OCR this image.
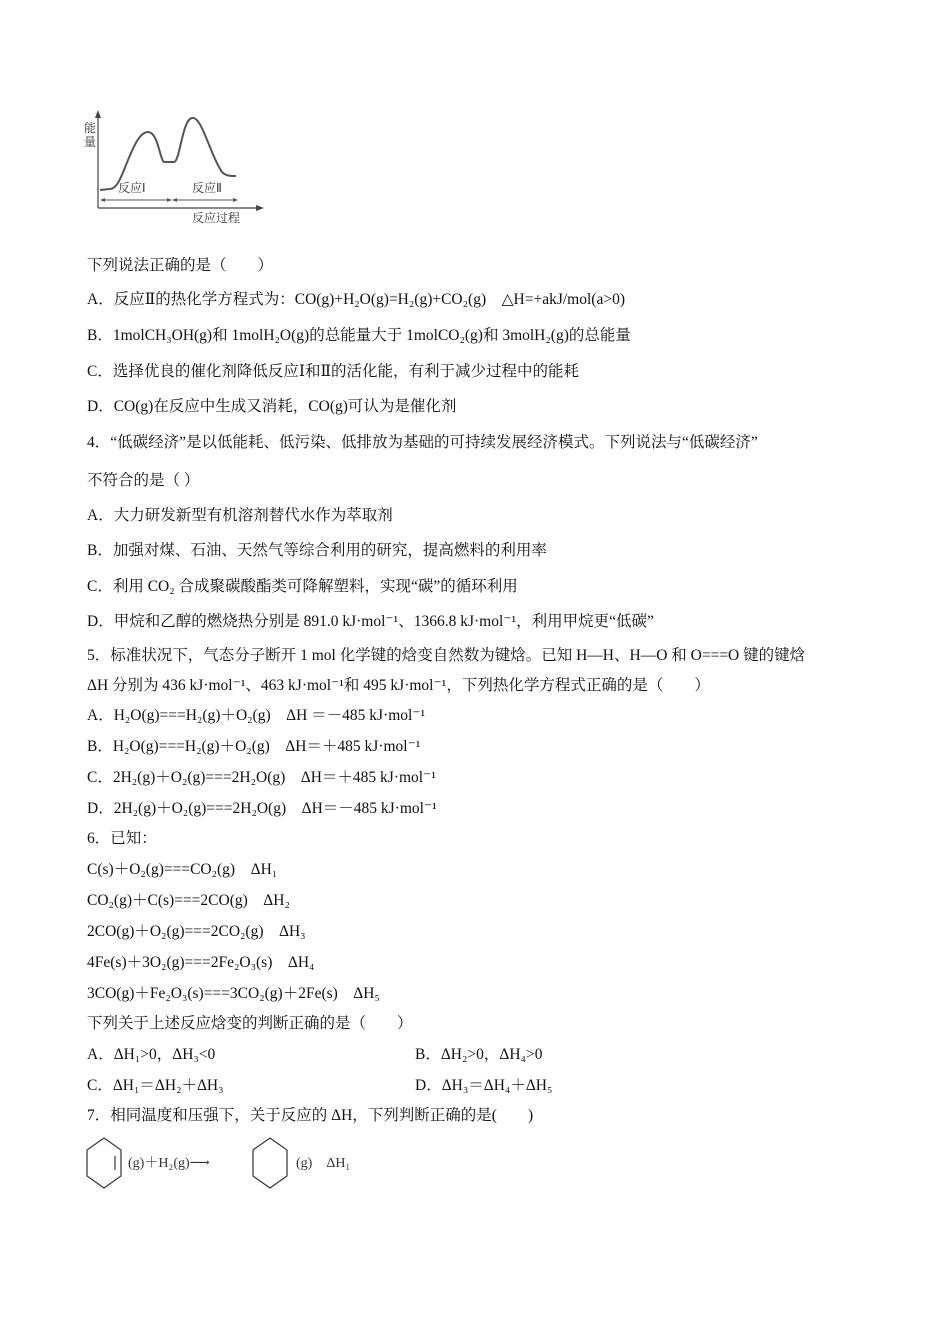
能
量
反应Ⅰ	反应Ⅱ
反应过程
下列说法正确的是（　　）
A．反应Ⅱ的热化学方程式为：CO(g)+H₂O(g)=H₂(g)+CO₂(g)　△H=+akJ/mol(a>0)
B．1molCH₃OH(g)和 1molH₂O(g)的总能量大于 1molCO₂(g)和 3molH₂(g)的总能量
C．选择优良的催化剂降低反应Ⅰ和Ⅱ的活化能，有利于减少过程中的能耗
D．CO(g)在反应中生成又消耗，CO(g)可认为是催化剂
4．“低碳经济”是以低能耗、低污染、低排放为基础的可持续发展经济模式。下列说法与“低碳经济”
不符合的是（ ）
A．大力研发新型有机溶剂替代水作为萃取剂
B．加强对煤、石油、天然气等综合利用的研究，提高燃料的利用率
C．利用 CO₂ 合成聚碳酸酯类可降解塑料，实现“碳”的循环利用
D．甲烷和乙醇的燃烧热分别是 891.0 kJ·mol⁻¹、1366.8 kJ·mol⁻¹，利用甲烷更“低碳”
5．标准状况下，气态分子断开 1 mol 化学键的焓变自然数为键焓。已知 H—H、H—O 和 O===O 键的键焓
ΔH 分别为 436 kJ·mol⁻¹、463 kJ·mol⁻¹和 495 kJ·mol⁻¹，下列热化学方程式正确的是（　　）
A．H₂O(g)===H₂(g)＋O₂(g)　ΔH ＝－485 kJ·mol⁻¹
B．H₂O(g)===H₂(g)＋O₂(g)　ΔH＝＋485 kJ·mol⁻¹
C．2H₂(g)＋O₂(g)===2H₂O(g)　ΔH＝＋485 kJ·mol⁻¹
D．2H₂(g)＋O₂(g)===2H₂O(g)　ΔH＝－485 kJ·mol⁻¹
6．已知：
C(s)＋O₂(g)===CO₂(g)　ΔH₁
CO₂(g)＋C(s)===2CO(g)　ΔH₂
2CO(g)＋O₂(g)===2CO₂(g)　ΔH₃
4Fe(s)＋3O₂(g)===2Fe₂O₃(s)　ΔH₄
3CO(g)＋Fe₂O₃(s)===3CO₂(g)＋2Fe(s)　ΔH₅
下列关于上述反应焓变的判断正确的是（　　）
A．ΔH₁>0，ΔH₃<0	B．ΔH₂>0，ΔH₄>0
C．ΔH₁＝ΔH₂＋ΔH₃	D．ΔH₃＝ΔH₄＋ΔH₅
7．相同温度和压强下，关于反应的 ΔH，下列判断正确的是(　　)
(g)＋H₂(g)⟶	(g)　ΔH₁
